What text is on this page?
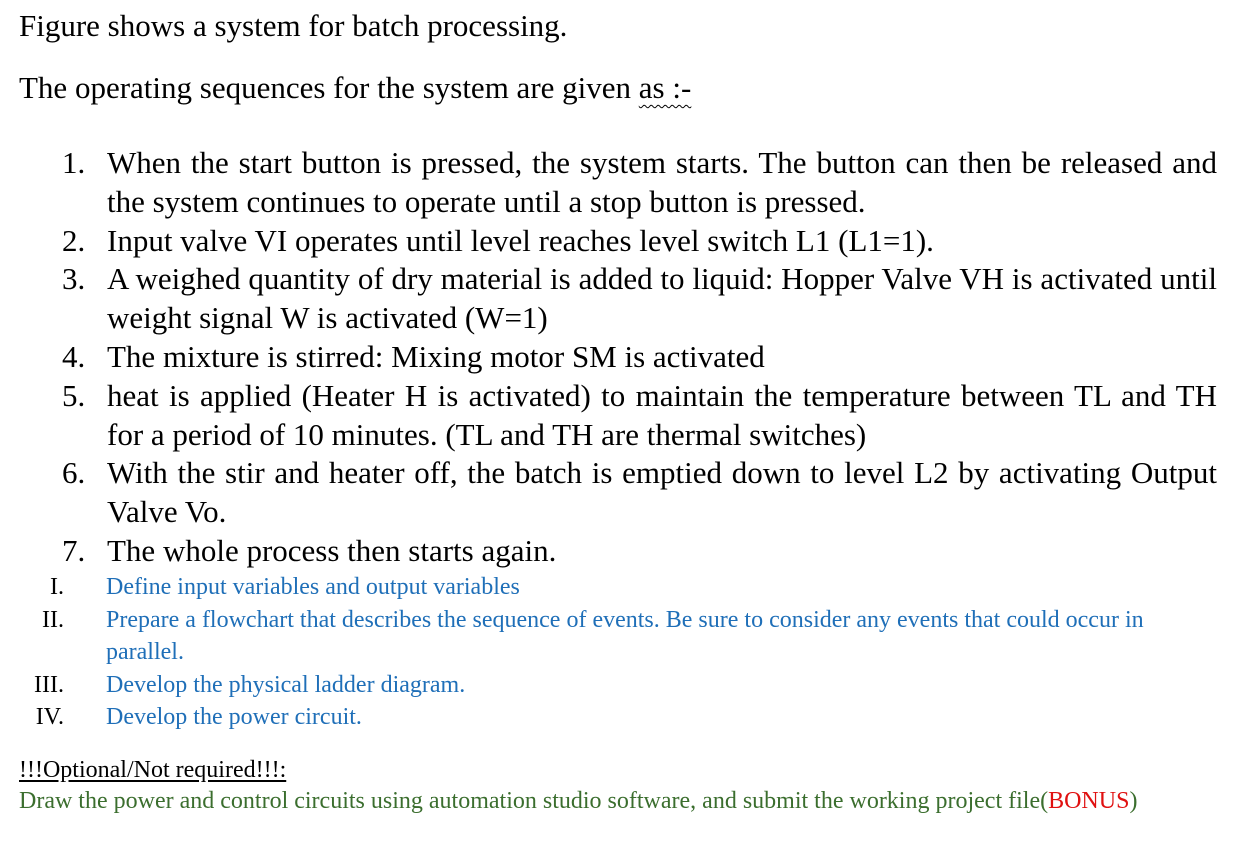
Figure shows a system for batch processing.
The operating sequences for the system are given as :-
1. When the start button is pressed, the system starts. The button can then be released and the system continues to operate until a stop button is pressed.
2. Input valve VI operates until level reaches level switch L1 (L1=1).
3. A weighed quantity of dry material is added to liquid: Hopper Valve VH is activated until weight signal W is activated (W=1)
4. The mixture is stirred: Mixing motor SM is activated
5. heat is applied (Heater H is activated) to maintain the temperature between TL and TH for a period of 10 minutes. (TL and TH are thermal switches)
6. With the stir and heater off, the batch is emptied down to level L2 by activating Output Valve Vo.
7. The whole process then starts again.
I. Define input variables and output variables
II. Prepare a flowchart that describes the sequence of events. Be sure to consider any events that could occur in parallel.
III. Develop the physical ladder diagram.
IV. Develop the power circuit.
!!!Optional/Not required!!!:
Draw the power and control circuits using automation studio software, and submit the working project file(BONUS)
